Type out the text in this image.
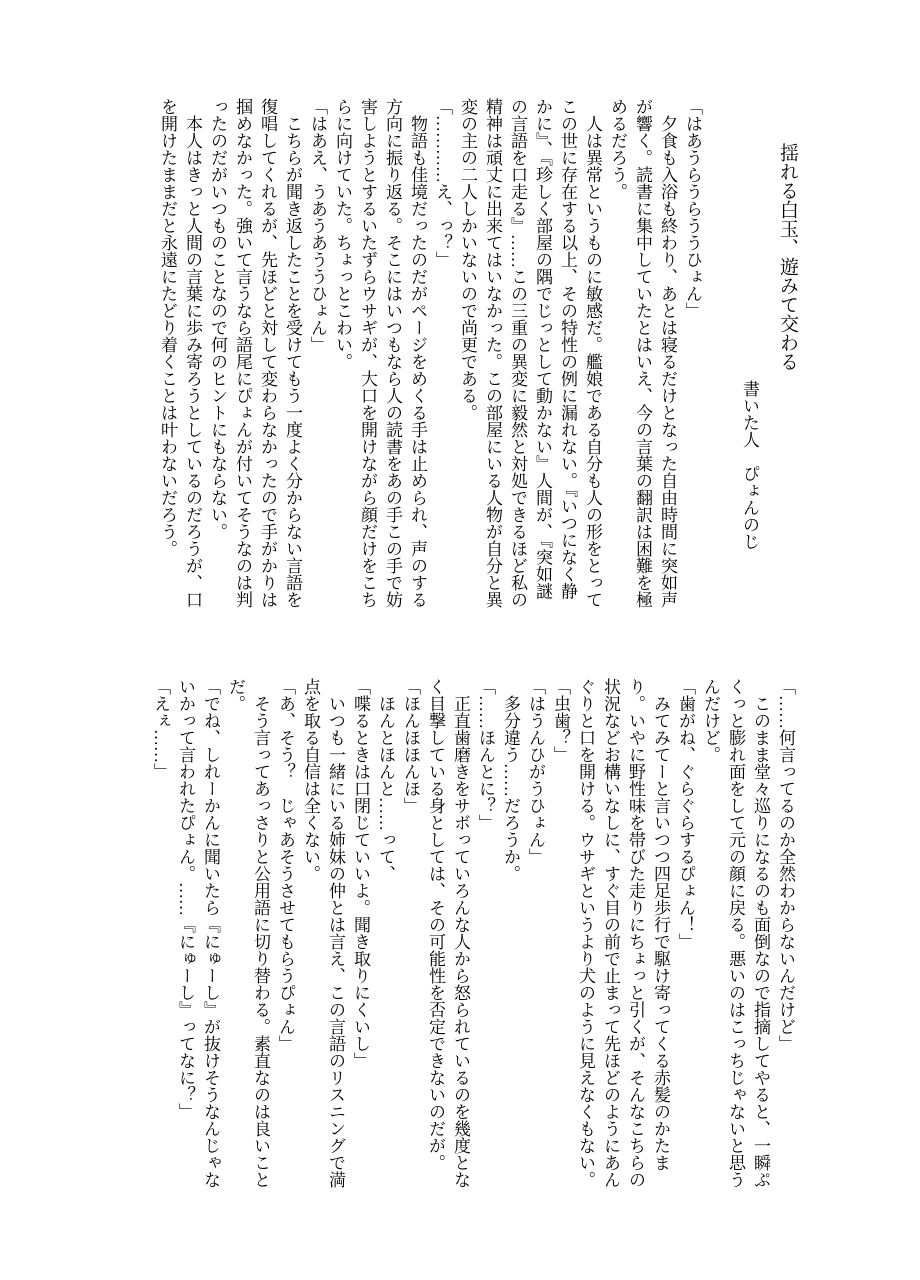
揺れる白玉、遊みて交わる
書いた人　ぴょんのじ

「はあうらうらううひょん」

　夕食も入浴も終わり、あとは寝るだけとなった自由時間に突如声が響く。読書に集中していたとはいえ、今の言葉の翻訳は困難を極めるだろう。

　人は異常というものに敏感だ。艦娘である自分も人の形をとってこの世に存在する以上、その特性の例に漏れない。『いつになく静かに』、『珍しく部屋の隅でじっとして動かない』人間が、『突如謎の言語を口走る』……この三重の異変に毅然と対処できるほど私の精神は頑丈に出来てはいなかった。この部屋にいる人物が自分と異変の主の二人しかいないので尚更である。

「…………え、っ？」

　物語も佳境だったのだがページをめくる手は止められ、声のする方向に振り返る。そこにはいつもなら人の読書をあの手この手で妨害しようとするいたずらウサギが、大口を開けながら顔だけをこちらに向けていた。ちょっとこわい。

「はあえ、うあうあううひょん」

　こちらが聞き返したことを受けてもう一度よく分からない言語を復唱してくれるが、先ほどと対して変わらなかったので手がかりは掴めなかった。強いて言うなら語尾にぴょんが付いてそうなのは判ったのだがいつものことなので何のヒントにもならない。

　本人はきっと人間の言葉に歩み寄ろうとしているのだろうが、口を開けたままだと永遠にたどり着くことは叶わないだろう。

「……何言ってるのか全然わからないんだけど」

　このまま堂々巡りになるのも面倒なので指摘してやると、一瞬ぷくっと膨れ面をして元の顔に戻る。悪いのはこっちじゃないと思うんだけど。

「歯がね、ぐらぐらするぴょん！」

　みてみてーと言いつつ四足歩行で駆け寄ってくる赤髪のかたまり。いやに野性味を帯びた走りにちょっと引くが、そんなこちらの状況などお構いなしに、すぐ目の前で止まって先ほどのようにあんぐりと口を開ける。ウサギというより犬のように見えなくもない。

「虫歯？」

「はうんひがうひょん」

　多分違う……だろうか。

「……ほんとに？」

　正直歯磨きをサボっていろんな人から怒られているのを幾度となく目撃している身としては、その可能性を否定できないのだが。

「ほんほほんほ」

　ほんとほんと……って、

「喋るときは口閉じていいよ。聞き取りにくいし」

　いつも一緒にいる姉妹の仲とは言え、この言語のリスニングで満点を取る自信は全くない。

「あ、そう？　じゃあそうさせてもらうぴょん」

　そう言ってあっさりと公用語に切り替わる。素直なのは良いことだ。

「でね、しれーかんに聞いたら『にゅーし』が抜けそうなんじゃないかって言われたぴょん。……『にゅーし』ってなに？」

「えぇ……」
